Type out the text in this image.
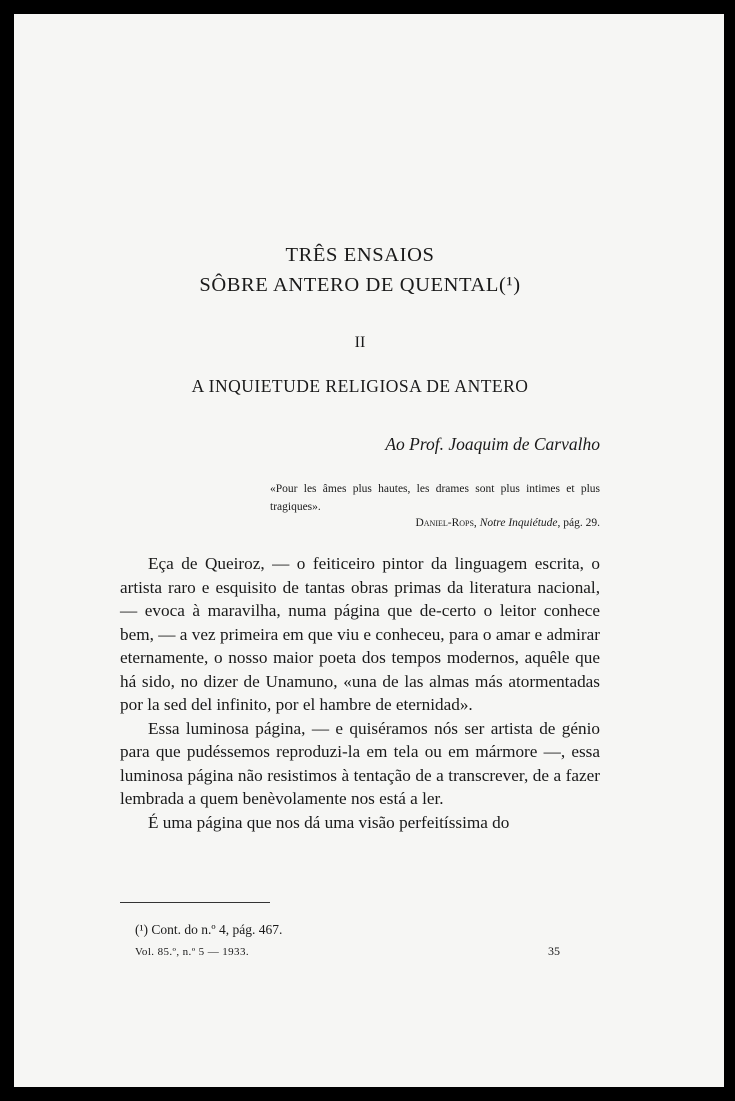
TRÊS ENSAIOS
SÔBRE ANTERO DE QUENTAL(¹)
II
A INQUIETUDE RELIGIOSA DE ANTERO
Ao Prof. Joaquim de Carvalho
«Pour les âmes plus hautes, les drames sont plus intimes et plus tragiques».
Daniel-Rops, Notre Inquiétude, pág. 29.

Eça de Queiroz, — o feiticeiro pintor da linguagem escrita, o artista raro e esquisito de tantas obras primas da literatura nacional, — evoca à maravilha, numa página que de-certo o leitor conhece bem, — a vez primeira em que viu e conheceu, para o amar e admirar eternamente, o nosso maior poeta dos tempos modernos, aquêle que há sido, no dizer de Unamuno, «una de las almas más atormentadas por la sed del infinito, por el hambre de eternidad».

Essa luminosa página, — e quiséramos nós ser artista de génio para que pudéssemos reproduzi-la em tela ou em mármore —, essa luminosa página não resistimos à tentação de a transcrever, de a fazer lembrada a quem benèvolamente nos está a ler.

É uma página que nos dá uma visão perfeitíssima do

(¹) Cont. do n.º 4, pág. 467.
Vol. 85.º, n.º 5 — 1933.	35
